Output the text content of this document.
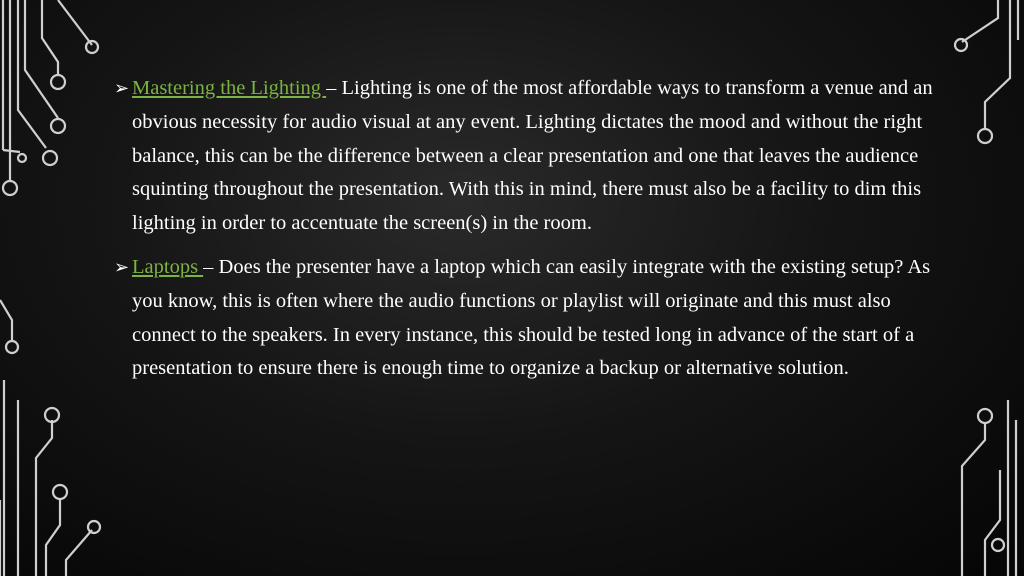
➢ Mastering the Lighting – Lighting is one of the most affordable ways to transform a venue and an obvious necessity for audio visual at any event. Lighting dictates the mood and without the right balance, this can be the difference between a clear presentation and one that leaves the audience squinting throughout the presentation. With this in mind, there must also be a facility to dim this lighting in order to accentuate the screen(s) in the room.
➢ Laptops – Does the presenter have a laptop which can easily integrate with the existing setup? As you know, this is often where the audio functions or playlist will originate and this must also connect to the speakers. In every instance, this should be tested long in advance of the start of a presentation to ensure there is enough time to organize a backup or alternative solution.
